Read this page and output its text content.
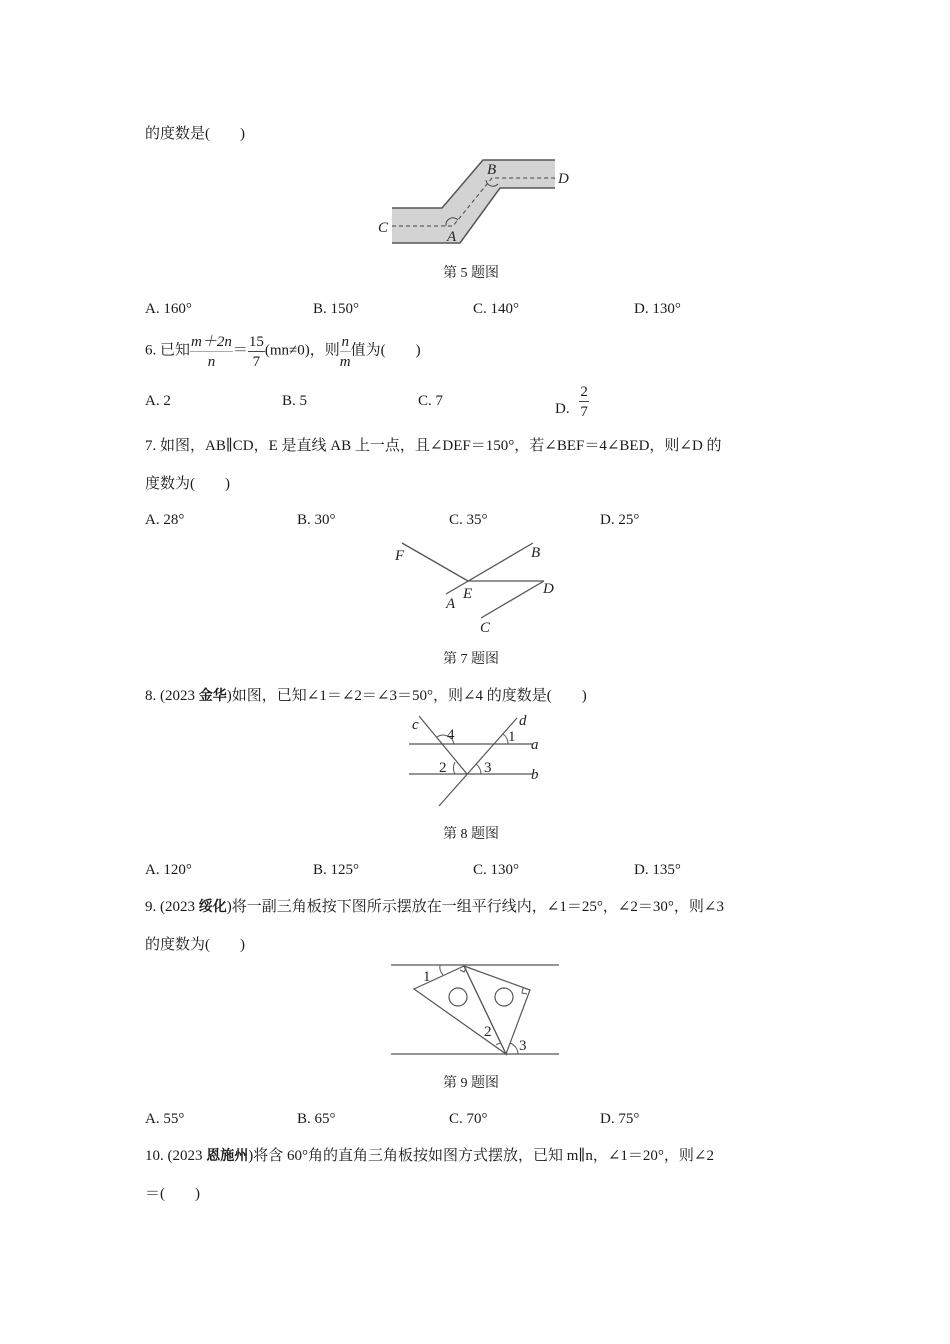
的度数是(　　)
C
A
B
D
第 5 题图
A. 160°	B. 150°	C. 140°	D. 130°
6. 已知 $\frac{m+2n}{n} = \frac{15}{7} (mn\ne 0)$，则 $\frac{n}{m}$ 值为(　　)
A. 2	B. 5	C. 7
D. $\frac{2}{7}$
7. 如图，AB∥CD，E 是直线 AB 上一点，且∠DEF＝150°，若∠BEF＝4∠BED，则∠D 的
度数为(　　)
A. 28°	B. 30°	C. 35°	D. 25°
F	B
E
A
D
C
第 7 题图
8. (2023 金华)如图，已知∠1＝∠2＝∠3＝50°，则∠4 的度数是(　　)
c
4
d
1 a
2	3	b
第 8 题图
A. 120°	B. 125°	C. 130°	D. 135°
9. (2023 绥化)将一副三角板按下图所示摆放在一组平行线内，∠1＝25°，∠2＝30°，则∠3
的度数为(　　)
1
2
3
第 9 题图
A. 55°	B. 65°	C. 70°	D. 75°
10. (2023 恩施州)将含 60°角的直角三角板按如图方式摆放，已知 m∥n，∠1＝20°，则∠2
＝(　　)
